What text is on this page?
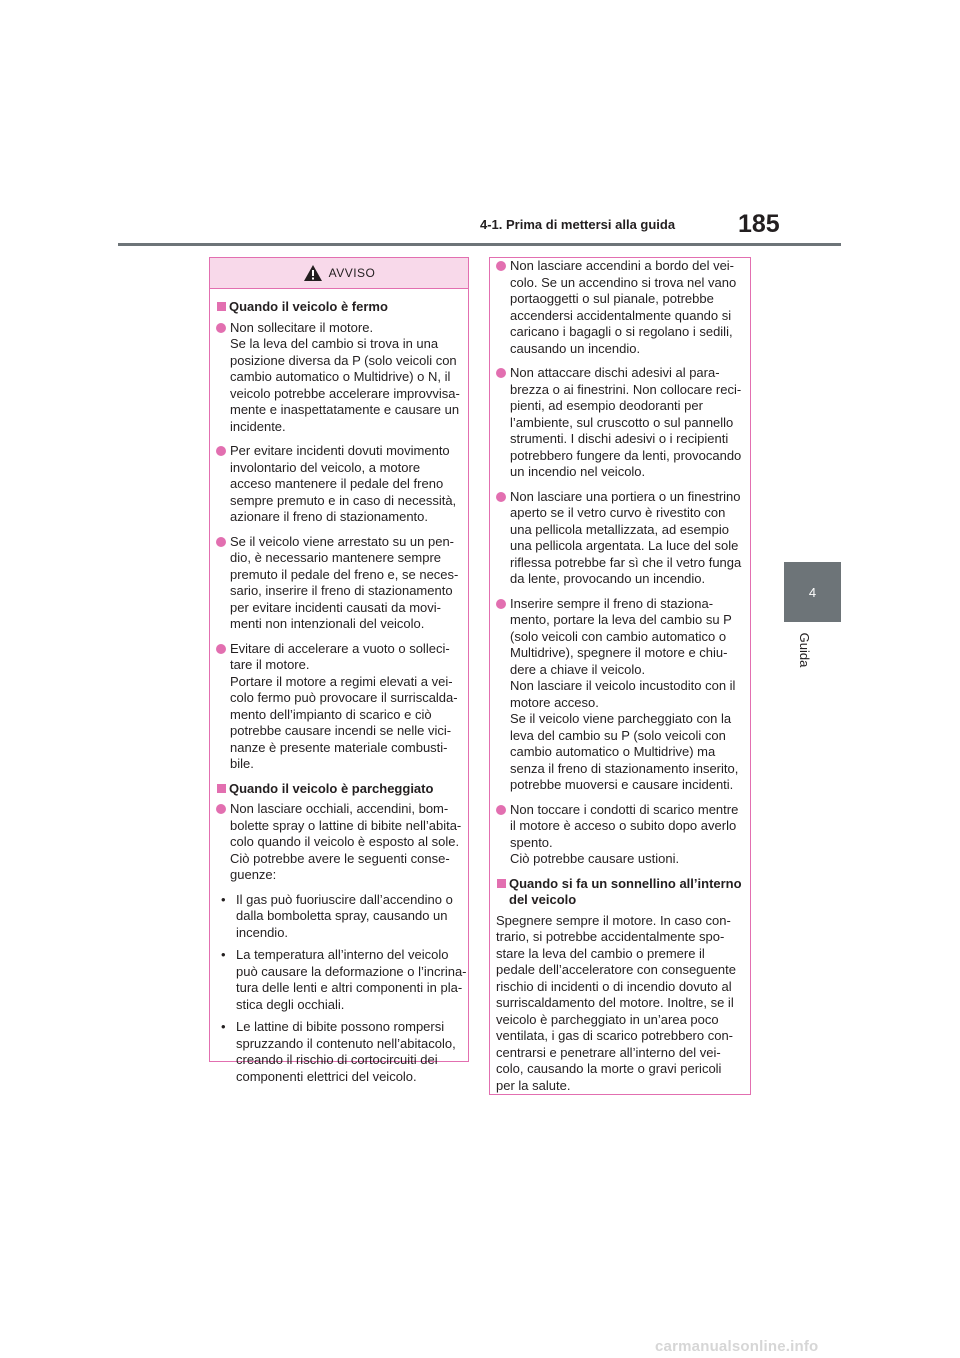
4-1. Prima di mettersi alla guida	185
4
Guida
AVVISO
Quando il veicolo è fermo
Non sollecitare il motore.
Se la leva del cambio si trova in una
posizione diversa da P (solo veicoli con
cambio automatico o Multidrive) o N, il
veicolo potrebbe accelerare improvvisa-
mente e inaspettatamente e causare un
incidente.
Per evitare incidenti dovuti movimento
involontario del veicolo, a motore
acceso mantenere il pedale del freno
sempre premuto e in caso di necessità,
azionare il freno di stazionamento.
Se il veicolo viene arrestato su un pen-
dio, è necessario mantenere sempre
premuto il pedale del freno e, se neces-
sario, inserire il freno di stazionamento
per evitare incidenti causati da movi-
menti non intenzionali del veicolo.
Evitare di accelerare a vuoto o solleci-
tare il motore.
Portare il motore a regimi elevati a vei-
colo fermo può provocare il surriscalda-
mento dell’impianto di scarico e ciò
potrebbe causare incendi se nelle vici-
nanze è presente materiale combusti-
bile.
Quando il veicolo è parcheggiato
Non lasciare occhiali, accendini, bom-
bolette spray o lattine di bibite nell’abita-
colo quando il veicolo è esposto al sole.
Ciò potrebbe avere le seguenti conse-
guenze:
• Il gas può fuoriuscire dall’accendino o
dalla bomboletta spray, causando un
incendio.
• La temperatura all’interno del veicolo
può causare la deformazione o l’incrina-
tura delle lenti e altri componenti in pla-
stica degli occhiali.
• Le lattine di bibite possono rompersi
spruzzando il contenuto nell’abitacolo,
creando il rischio di cortocircuiti dei
componenti elettrici del veicolo.
Non lasciare accendini a bordo del vei-
colo. Se un accendino si trova nel vano
portaoggetti o sul pianale, potrebbe
accendersi accidentalmente quando si
caricano i bagagli o si regolano i sedili,
causando un incendio.
Non attaccare dischi adesivi al para-
brezza o ai finestrini. Non collocare reci-
pienti, ad esempio deodoranti per
l’ambiente, sul cruscotto o sul pannello
strumenti. I dischi adesivi o i recipienti
potrebbero fungere da lenti, provocando
un incendio nel veicolo.
Non lasciare una portiera o un finestrino
aperto se il vetro curvo è rivestito con
una pellicola metallizzata, ad esempio
una pellicola argentata. La luce del sole
riflessa potrebbe far sì che il vetro funga
da lente, provocando un incendio.
Inserire sempre il freno di staziona-
mento, portare la leva del cambio su P
(solo veicoli con cambio automatico o
Multidrive), spegnere il motore e chiu-
dere a chiave il veicolo.
Non lasciare il veicolo incustodito con il
motore acceso.
Se il veicolo viene parcheggiato con la
leva del cambio su P (solo veicoli con
cambio automatico o Multidrive) ma
senza il freno di stazionamento inserito,
potrebbe muoversi e causare incidenti.
Non toccare i condotti di scarico mentre
il motore è acceso o subito dopo averlo
spento.
Ciò potrebbe causare ustioni.
Quando si fa un sonnellino all’interno
del veicolo
Spegnere sempre il motore. In caso con-
trario, si potrebbe accidentalmente spo-
stare la leva del cambio o premere il
pedale dell’acceleratore con conseguente
rischio di incidenti o di incendio dovuto al
surriscaldamento del motore. Inoltre, se il
veicolo è parcheggiato in un’area poco
ventilata, i gas di scarico potrebbero con-
centrarsi e penetrare all’interno del vei-
colo, causando la morte o gravi pericoli
per la salute.
carmanualsonline.info
